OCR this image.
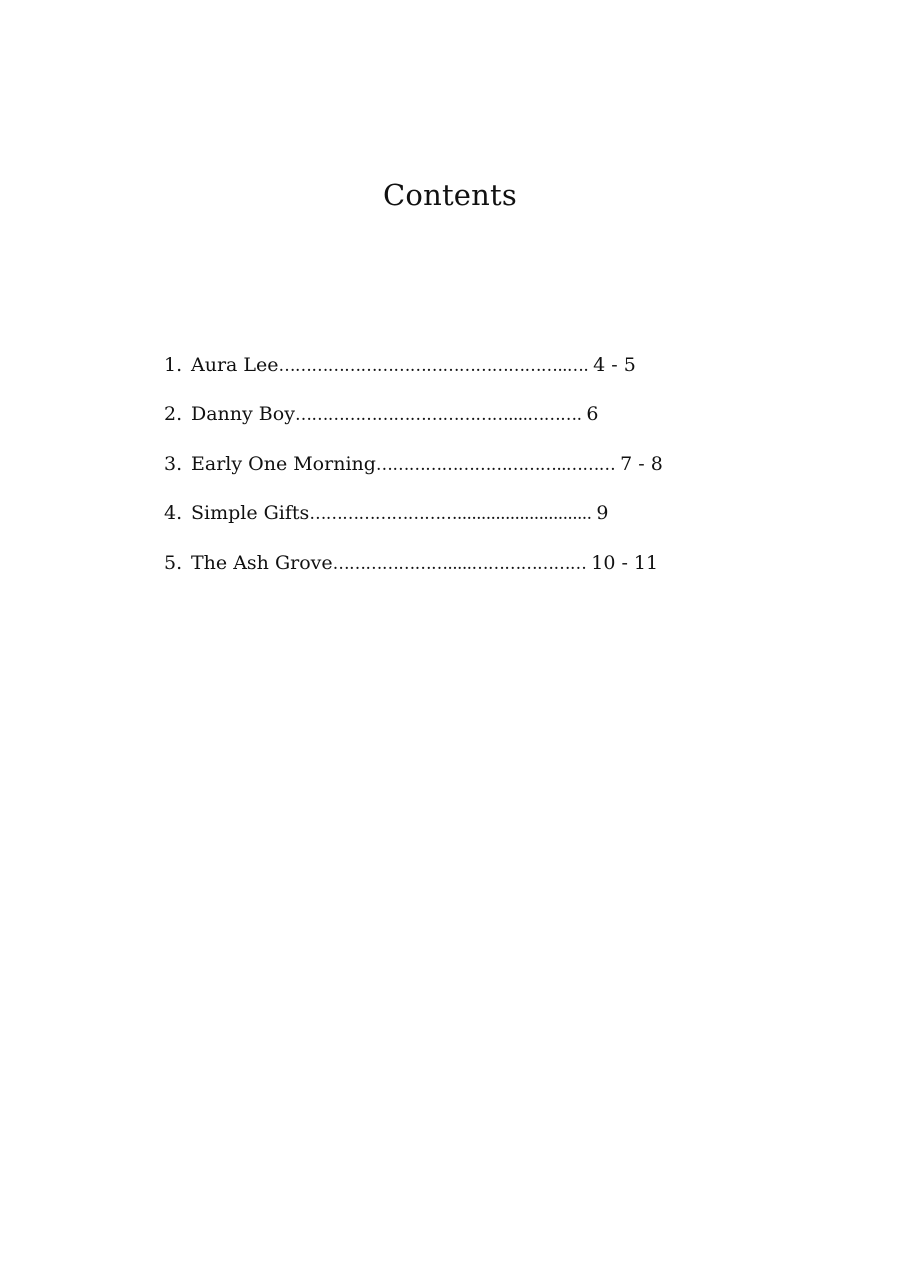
Contents
1. Aura Lee ……………………………………………..…. 4 - 5
2. Danny Boy …………………………………....………. 6
3. Early One Morning ……………………………..……… 7 - 8
4. Simple Gifts ………………………............................ 9
5. The Ash Grove ………………….....………………… 10 - 11
